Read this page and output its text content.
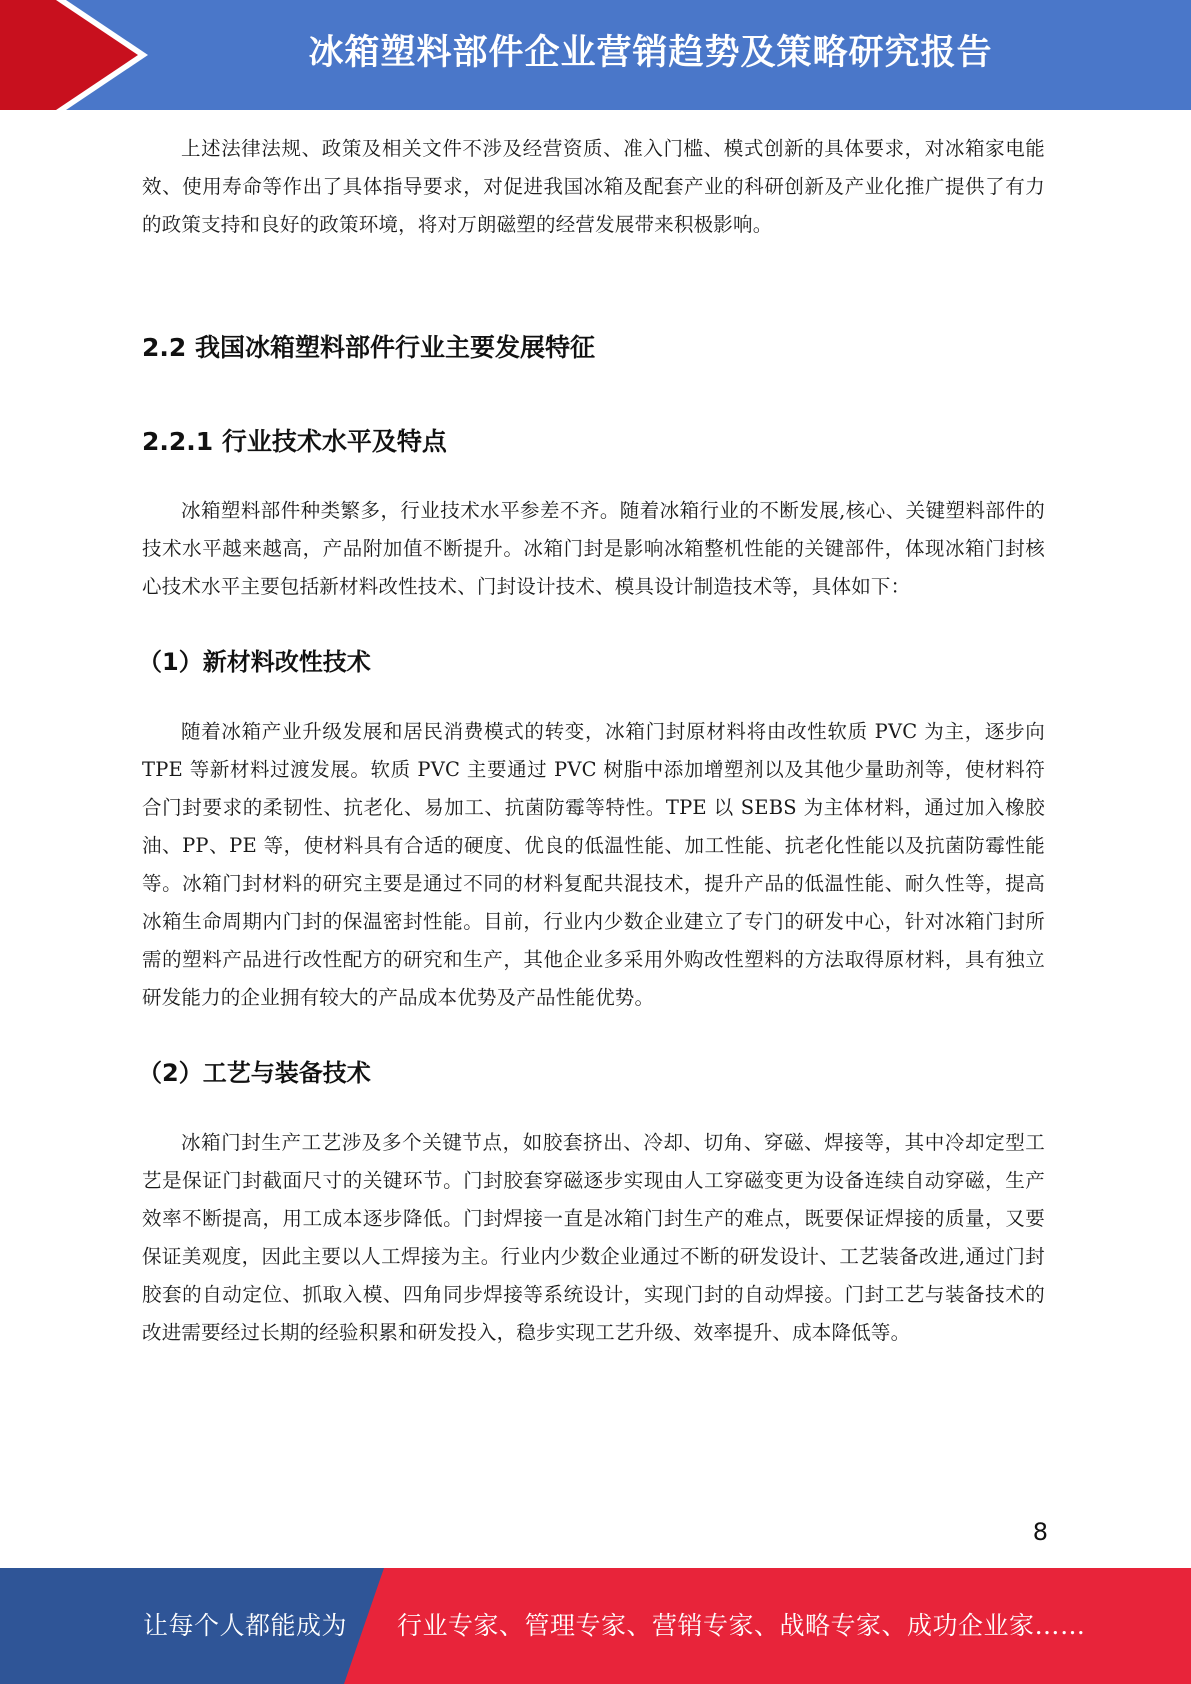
冰箱塑料部件企业营销趋势及策略研究报告

上述法律法规、政策及相关文件不涉及经营资质、准入门槛、模式创新的具体要求，对冰箱家电能效、使用寿命等作出了具体指导要求，对促进我国冰箱及配套产业的科研创新及产业化推广提供了有力的政策支持和良好的政策环境，将对万朗磁塑的经营发展带来积极影响。

2.2 我国冰箱塑料部件行业主要发展特征
2.2.1 行业技术水平及特点

冰箱塑料部件种类繁多，行业技术水平参差不齐。随着冰箱行业的不断发展,核心、关键塑料部件的技术水平越来越高，产品附加值不断提升。冰箱门封是影响冰箱整机性能的关键部件，体现冰箱门封核心技术水平主要包括新材料改性技术、门封设计技术、模具设计制造技术等，具体如下：

（1）新材料改性技术

随着冰箱产业升级发展和居民消费模式的转变，冰箱门封原材料将由改性软质 PVC 为主，逐步向 TPE 等新材料过渡发展。软质 PVC 主要通过 PVC 树脂中添加增塑剂以及其他少量助剂等，使材料符合门封要求的柔韧性、抗老化、易加工、抗菌防霉等特性。TPE 以 SEBS 为主体材料，通过加入橡胶油、PP、PE 等，使材料具有合适的硬度、优良的低温性能、加工性能、抗老化性能以及抗菌防霉性能等。冰箱门封材料的研究主要是通过不同的材料复配共混技术，提升产品的低温性能、耐久性等，提高冰箱生命周期内门封的保温密封性能。目前，行业内少数企业建立了专门的研发中心，针对冰箱门封所需的塑料产品进行改性配方的研究和生产，其他企业多采用外购改性塑料的方法取得原材料，具有独立研发能力的企业拥有较大的产品成本优势及产品性能优势。

（2）工艺与装备技术

冰箱门封生产工艺涉及多个关键节点，如胶套挤出、冷却、切角、穿磁、焊接等，其中冷却定型工艺是保证门封截面尺寸的关键环节。门封胶套穿磁逐步实现由人工穿磁变更为设备连续自动穿磁，生产效率不断提高，用工成本逐步降低。门封焊接一直是冰箱门封生产的难点，既要保证焊接的质量，又要保证美观度，因此主要以人工焊接为主。行业内少数企业通过不断的研发设计、工艺装备改进,通过门封胶套的自动定位、抓取入模、四角同步焊接等系统设计，实现门封的自动焊接。门封工艺与装备技术的改进需要经过长期的经验积累和研发投入，稳步实现工艺升级、效率提升、成本降低等。

8
让每个人都能成为 行业专家、管理专家、营销专家、战略专家、成功企业家……
